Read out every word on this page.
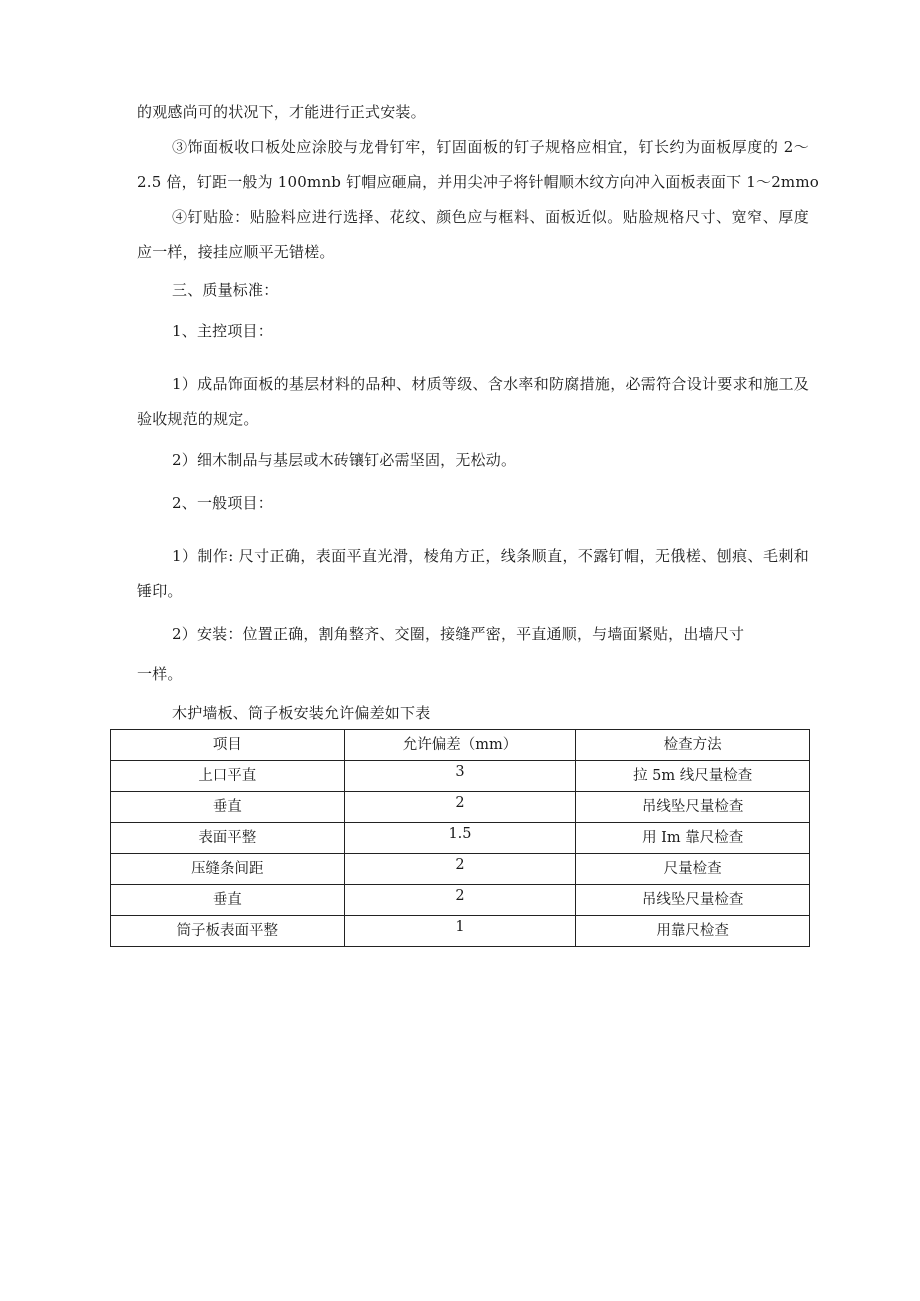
的观感尚可的状况下，才能进行正式安装。
③饰面板收口板处应涂胶与龙骨钉牢，钉固面板的钉子规格应相宜，钉长约为面板厚度的 2～
2.5 倍，钉距一般为 100mnb 钉帽应砸扁，并用尖冲子将针帽顺木纹方向冲入面板表面下 1～2mmo
④钉贴脸：贴脸料应进行选择、花纹、颜色应与框料、面板近似。贴脸规格尺寸、宽窄、厚度
应一样，接挂应顺平无错槎。
三、质量标准：
1、主控项目：
1）成品饰面板的基层材料的品种、材质等级、含水率和防腐措施，必需符合设计要求和施工及
验收规范的规定。
2）细木制品与基层或木砖镶钉必需坚固，无松动。
2、一般项目：
1）制作: 尺寸正确，表面平直光滑，棱角方正，线条顺直，不露钉帽，无俄槎、刨痕、毛刺和
锤印。
2）安装：位置正确，割角整齐、交圈，接缝严密，平直通顺，与墙面紧贴，出墙尺寸
一样。
木护墙板、筒子板安装允许偏差如下表
项目	允许偏差（mm）	检查方法
上口平直	3	拉 5m 线尺量检查
垂直	2	吊线坠尺量检查
表面平整	1.5	用 Im 靠尺检查
压缝条间距	2	尺量检查
垂直	2	吊线坠尺量检查
筒子板表面平整	1	用靠尺检查
